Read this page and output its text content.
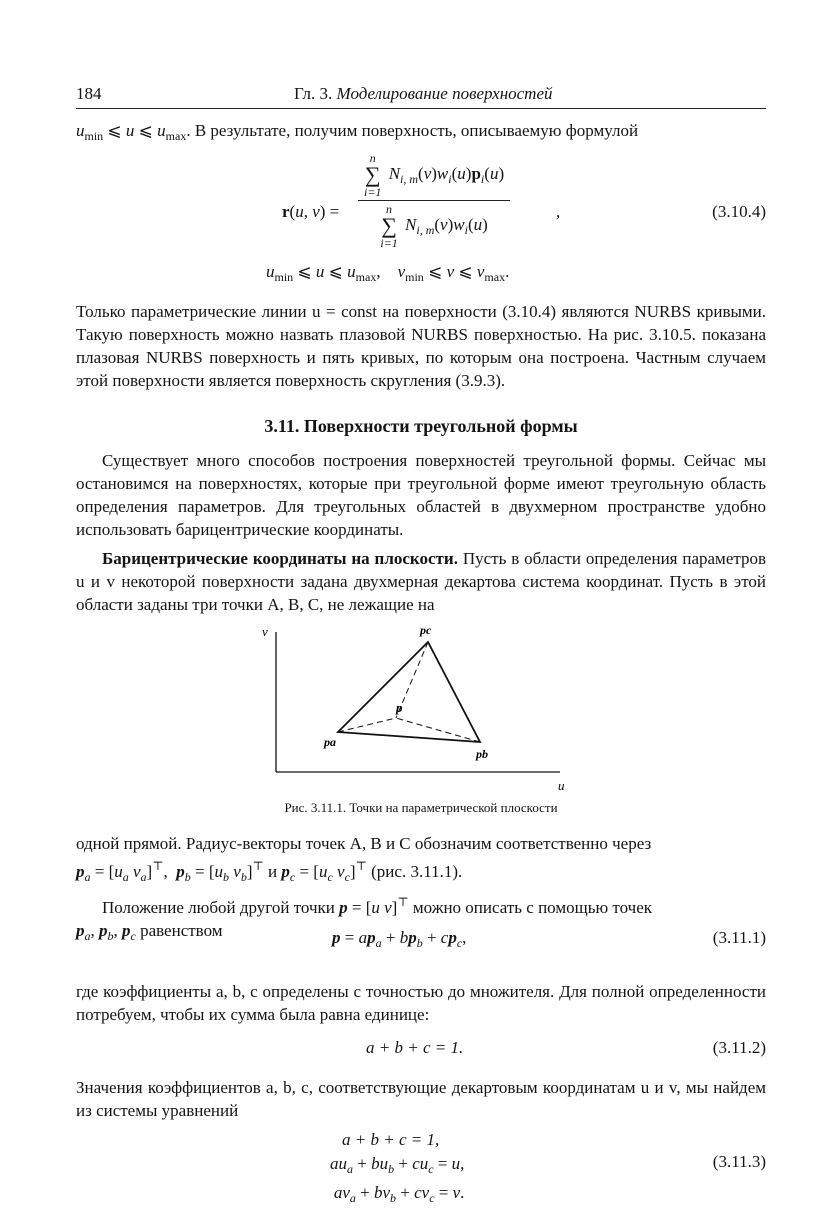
184	Гл. 3. Моделирование поверхностей
$u_{min}$ ⩽ u ⩽ $u_{max}$. В результате, получим поверхность, описываемую формулой
r(u, v) =
n
∑
i=1
$N_{i, m}(v)w_i(u)p_i(u)$
n
∑
i=1
$N_{i, m}(v)w_i(u)$
,	(3.10.4)
$u_{min}$ ⩽ u ⩽ $u_{max}$,    $v_{min}$ ⩽ v ⩽ $v_{max}$.

Только параметрические линии u = const на поверхности (3.10.4) являются NURBS кривыми. Такую поверхность можно назвать плазовой NURBS поверхностью. На рис. 3.10.5. показана плазовая NURBS поверхность и пять кривых, по которым она построена. Частным случаем этой поверхности является поверхность скругления (3.9.3).

3.11. Поверхности треугольной формы

Существует много способов построения поверхностей треугольной формы. Сейчас мы остановимся на поверхностях, которые при треугольной форме имеют треугольную область определения параметров. Для треугольных областей в двухмерном пространстве удобно использовать барицентрические координаты.

Барицентрические координаты на плоскости. Пусть в области определения параметров u и v некоторой поверхности задана двухмерная декартова система координат. Пусть в этой области заданы три точки A, B, C, не лежащие на

v
u
pc
pa
pb
p
Рис. 3.11.1. Точки на параметрической плоскости
одной прямой. Радиус-векторы точек A, B и C обозначим соответственно через
$p_a = [u_a$ $v_a]^⊤$,  $p_b = [u_b$ $v_b]^⊤$ и $p_c = [u_c$ $v_c]^⊤$ (рис. 3.11.1).
Положение любой другой точки p = [u v]⊤ можно описать с помощью точек
$p_a$, $p_b$, $p_c$ равенством	$p = ap_a + bp_b + cp_c$,	(3.11.1)

где коэффициенты a, b, c определены с точностью до множителя. Для полной определенности потребуем, чтобы их сумма была равна единице:

a + b + c = 1.	(3.11.2)

Значения коэффициентов a, b, c, соответствующие декартовым координатам u и v, мы найдем из системы уравнений

a + b + c = 1,
$au_a + bu_b + cu_c = u$,
$av_a + bv_b + cv_c = v$.
(3.11.3)
